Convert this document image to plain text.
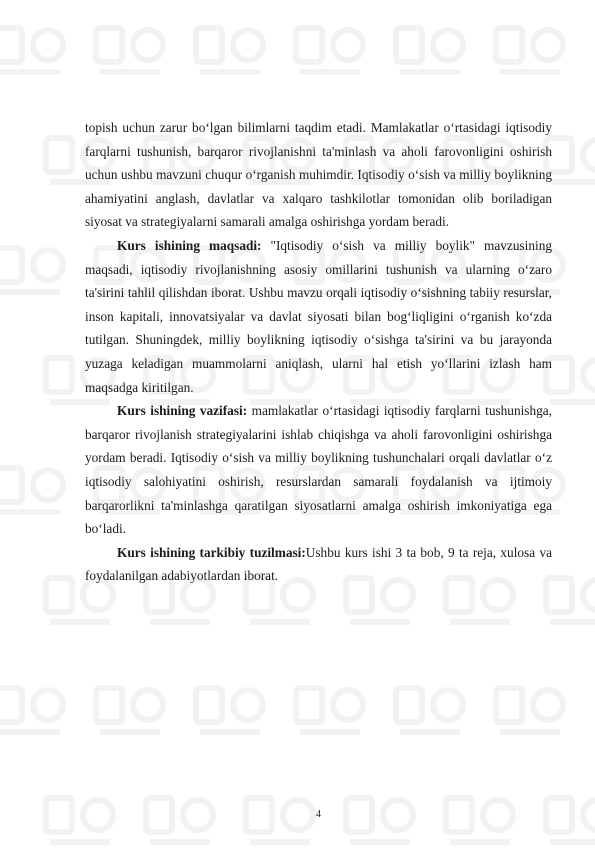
topish uchun zarur bo‘lgan bilimlarni taqdim etadi. Mamlakatlar o‘rtasidagi iqtisodiy farqlarni tushunish, barqaror rivojlanishni ta'minlash va aholi farovonligini oshirish uchun ushbu mavzuni chuqur o‘rganish muhimdir. Iqtisodiy o‘sish va milliy boylikning ahamiyatini anglash, davlatlar va xalqaro tashkilotlar tomonidan olib boriladigan siyosat va strategiyalarni samarali amalga oshirishga yordam beradi.

Kurs ishining maqsadi: "Iqtisodiy o‘sish va milliy boylik" mavzusining maqsadi, iqtisodiy rivojlanishning asosiy omillarini tushunish va ularning o‘zaro ta'sirini tahlil qilishdan iborat. Ushbu mavzu orqali iqtisodiy o‘sishning tabiiy resurslar, inson kapitali, innovatsiyalar va davlat siyosati bilan bog‘liqligini o‘rganish ko‘zda tutilgan. Shuningdek, milliy boylikning iqtisodiy o‘sishga ta'sirini va bu jarayonda yuzaga keladigan muammolarni aniqlash, ularni hal etish yo‘llarini izlash ham maqsadga kiritilgan.

Kurs ishining vazifasi: mamlakatlar o‘rtasidagi iqtisodiy farqlarni tushunishga, barqaror rivojlanish strategiyalarini ishlab chiqishga va aholi farovonligini oshirishga yordam beradi. Iqtisodiy o‘sish va milliy boylikning tushunchalari orqali davlatlar o‘z iqtisodiy salohiyatini oshirish, resurslardan samarali foydalanish va ijtimoiy barqarorlikni ta'minlashga qaratilgan siyosatlarni amalga oshirish imkoniyatiga ega bo‘ladi.

Kurs ishining tarkibiy tuzilmasi:Ushbu kurs ishi 3 ta bob, 9 ta reja, xulosa va foydalanilgan adabiyotlardan iborat.

4
